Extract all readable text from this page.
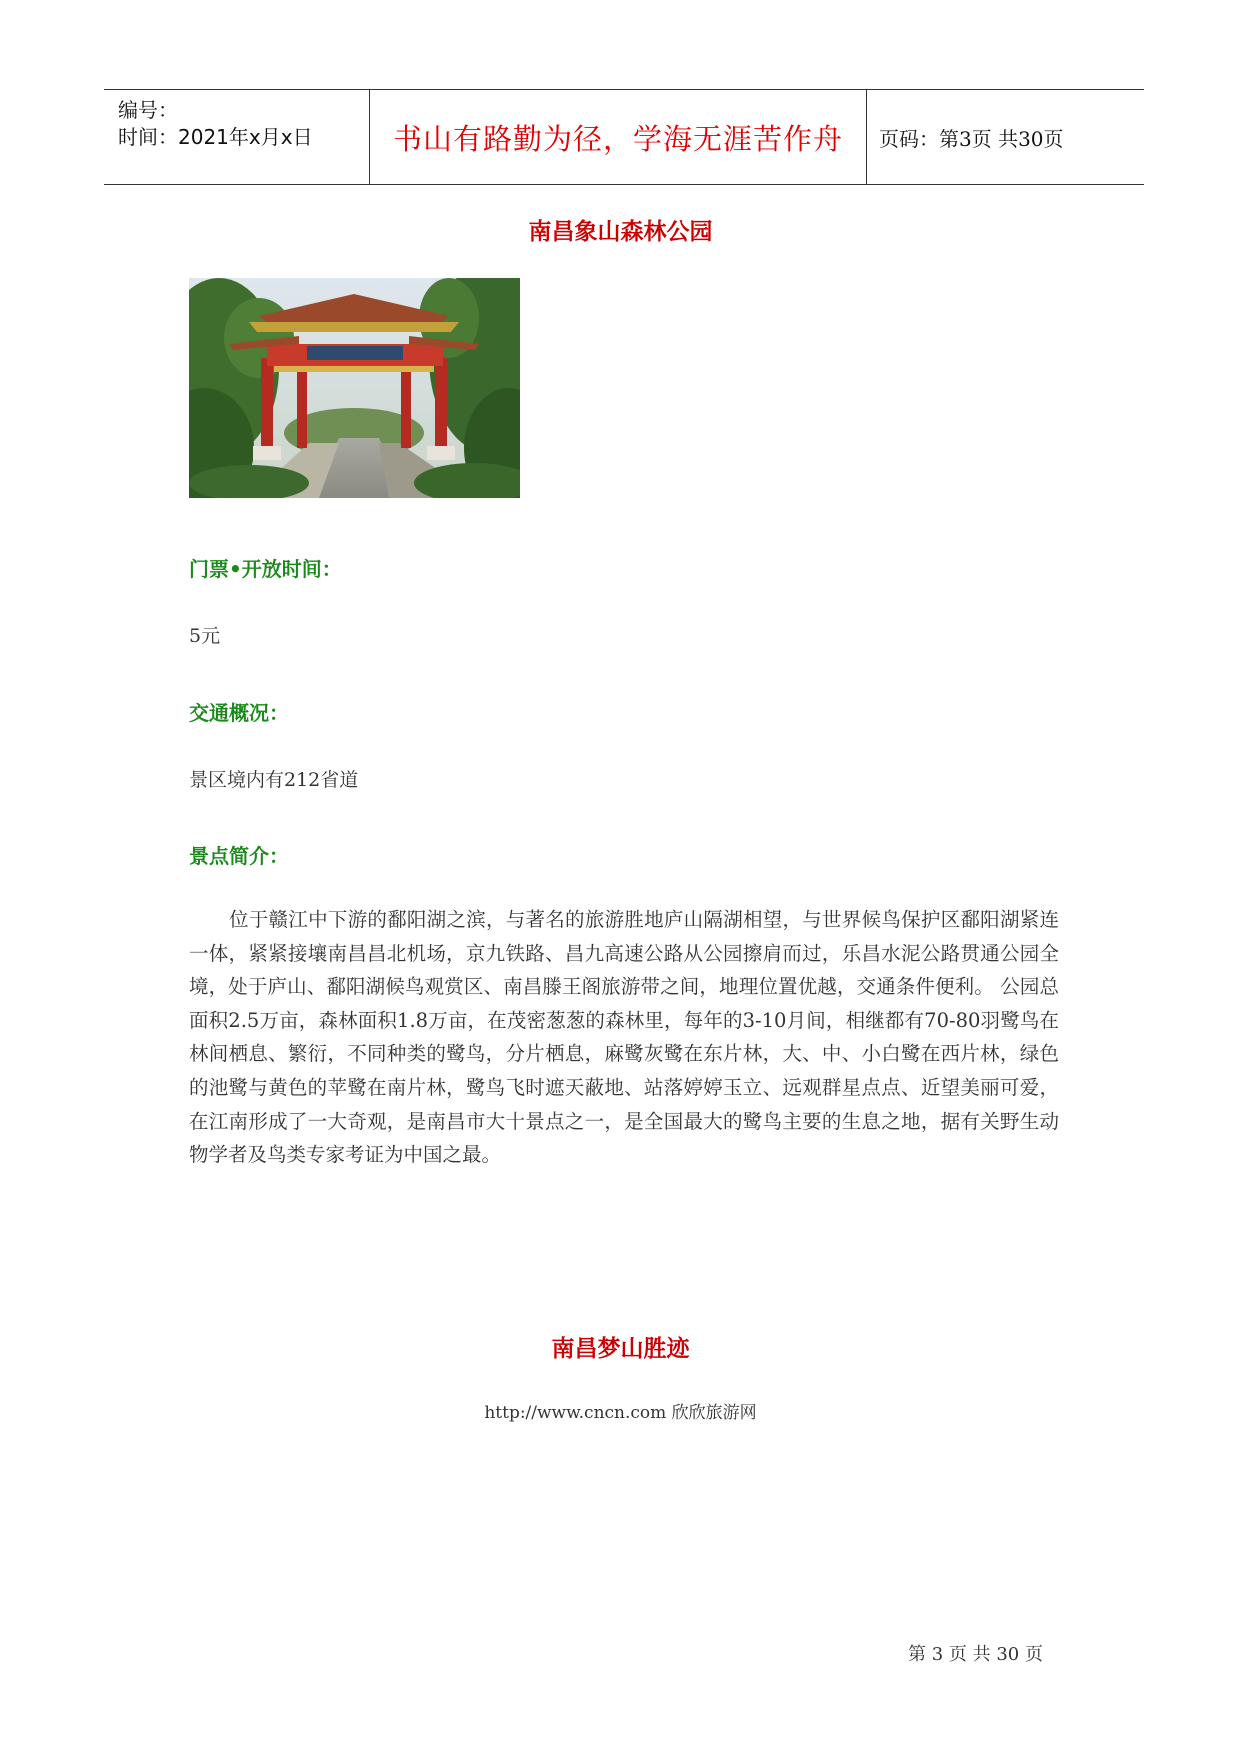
编号：
时间：2021年x月x日	书山有路勤为径，学海无涯苦作舟 页码：第3页 共30页
南昌象山森林公园
门票•开放时间：
5元
交通概况：
景区境内有212省道
景点简介：

位于赣江中下游的鄱阳湖之滨，与著名的旅游胜地庐山隔湖相望，与世界候鸟保护区鄱阳湖紧连一体，紧紧接壤南昌昌北机场，京九铁路、昌九高速公路从公园擦肩而过，乐昌水泥公路贯通公园全境，处于庐山、鄱阳湖候鸟观赏区、南昌滕王阁旅游带之间，地理位置优越，交通条件便利。 公园总面积2.5万亩，森林面积1.8万亩，在茂密葱葱的森林里，每年的3-10月间，相继都有70-80羽鹭鸟在林间栖息、繁衍，不同种类的鹭鸟，分片栖息，麻鹭灰鹭在东片林，大、中、小白鹭在西片林，绿色的池鹭与黄色的苹鹭在南片林，鹭鸟飞时遮天蔽地、站落婷婷玉立、远观群星点点、近望美丽可爱，在江南形成了一大奇观，是南昌市大十景点之一，是全国最大的鹭鸟主要的生息之地，据有关野生动物学者及鸟类专家考证为中国之最。

南昌梦山胜迹
http://www.cncn.com 欣欣旅游网
第 3 页 共 30 页
